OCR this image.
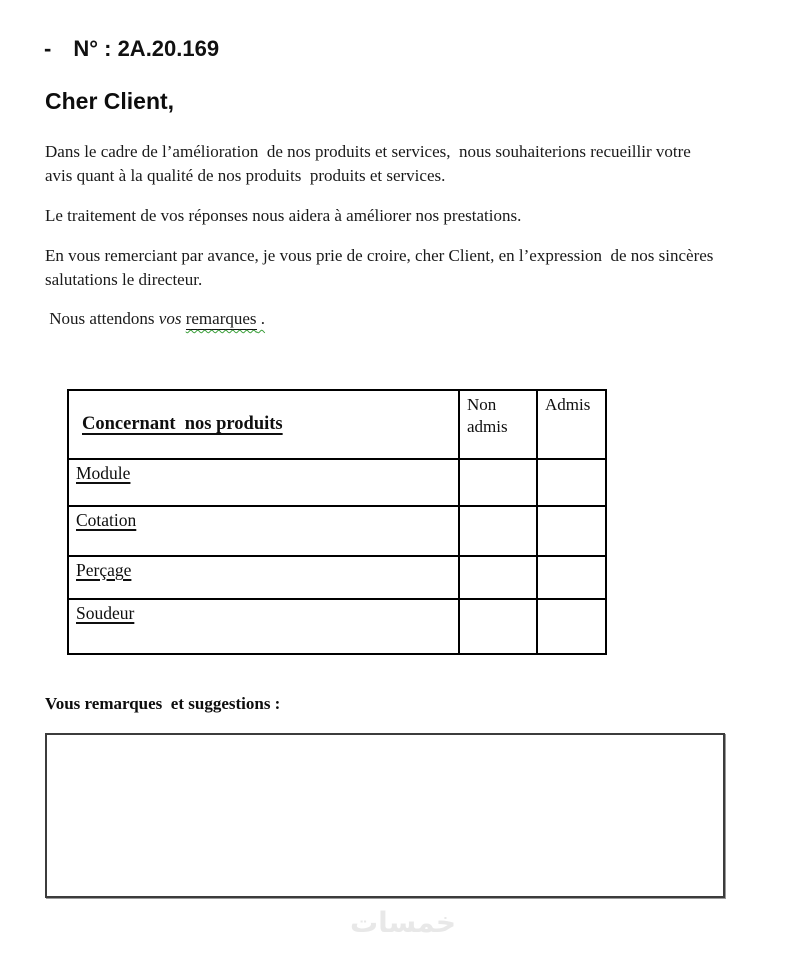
- N° : 2A.20.169
Cher Client,

Dans le cadre de l’amélioration  de nos produits et services,  nous souhaiterions recueillir votre avis quant à la qualité de nos produits  produits et services.

Le traitement de vos réponses nous aidera à améliorer nos prestations.

En vous remerciant par avance, je vous prie de croire, cher Client, en l’expression  de nos sincères  salutations le directeur.

Nous attendons vos remarques .
Concernant  nos produits	Non admis	Admis
Module		
Cotation		
Perçage		
Soudeur		
Vous remarques  et suggestions :
خمسات
